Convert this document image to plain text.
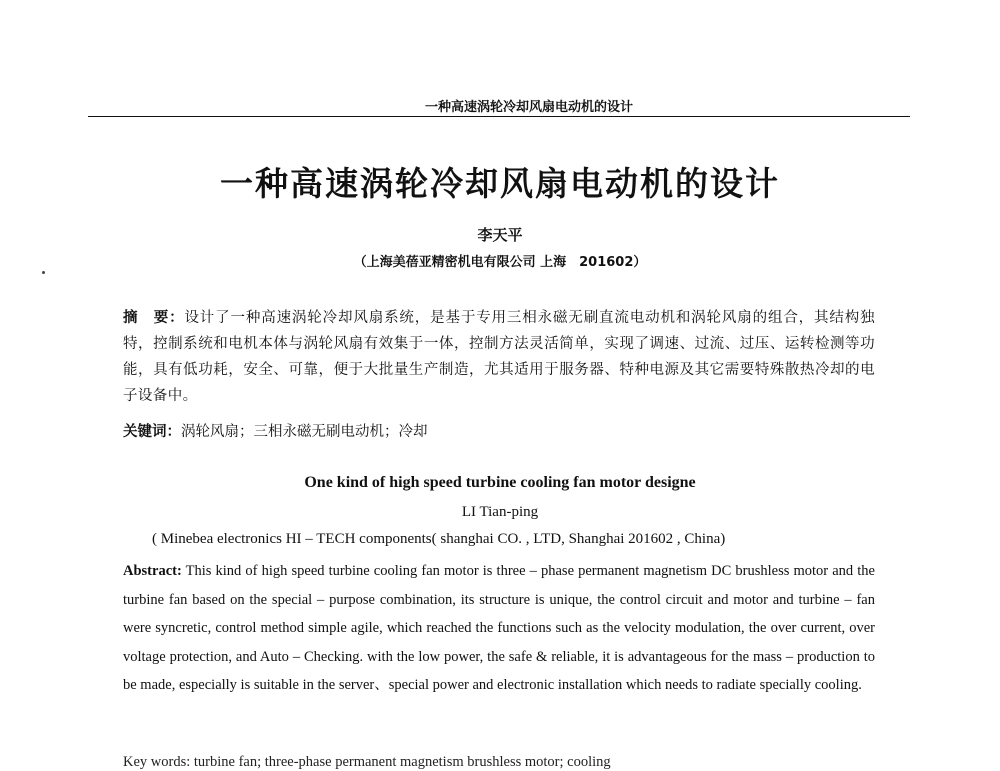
一种高速涡轮冷却风扇电动机的设计
一种高速涡轮冷却风扇电动机的设计
李天平
（上海美蓓亚精密机电有限公司 上海　201602）
摘　要：设计了一种高速涡轮冷却风扇系统，是基于专用三相永磁无刷直流电动机和涡轮风扇的组合，其结构独特，控制系统和电机本体与涡轮风扇有效集于一体，控制方法灵活简单，实现了调速、过流、过压、运转检测等功能，具有低功耗，安全、可靠，便于大批量生产制造，尤其适用于服务器、特种电源及其它需要特殊散热冷却的电子设备中。
关键词：涡轮风扇；三相永磁无刷电动机；冷却
One kind of high speed turbine cooling fan motor designe
LI Tian-ping
( Minebea electronics HI – TECH components( shanghai CO. , LTD, Shanghai 201602 , China)
Abstract: This kind of high speed turbine cooling fan motor is three – phase permanent magnetism DC brushless motor and the turbine fan based on the special – purpose combination, its structure is unique, the control circuit and motor and turbine – fan were syncretic, control method simple agile, which reached the functions such as the velocity modulation, the over current, over voltage protection, and Auto – Checking. with the low power, the safe & reliable, it is advantageous for the mass – production to be made, especially is suitable in the server、special power and electronic installation which needs to radiate specially cooling.
Key words: turbine fan; three-phase permanent magnetism brushless motor; cooling
